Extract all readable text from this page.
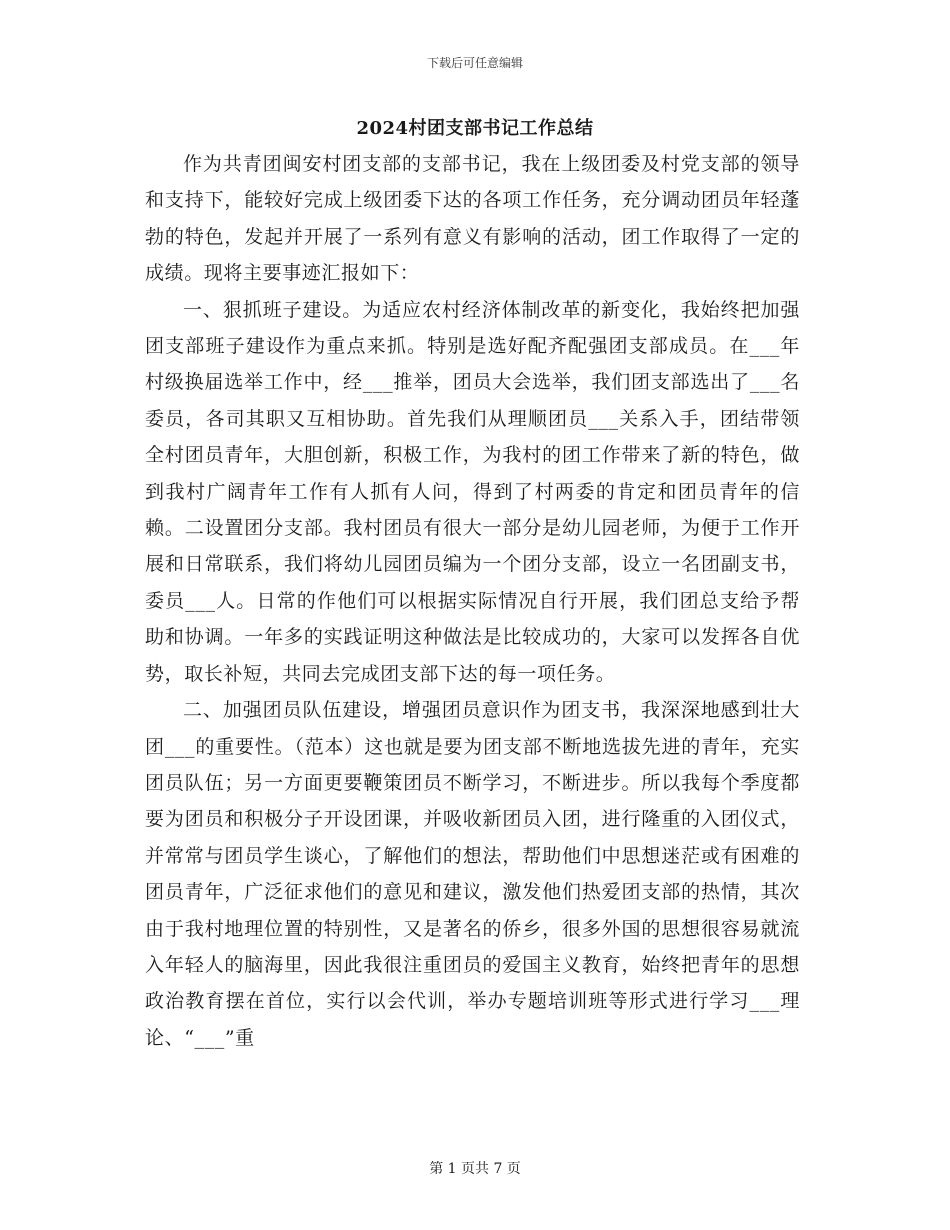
下载后可任意编辑
2024村团支部书记工作总结

作为共青团闽安村团支部的支部书记，我在上级团委及村党支部的领导和支持下，能较好完成上级团委下达的各项工作任务，充分调动团员年轻蓬勃的特色，发起并开展了一系列有意义有影响的活动，团工作取得了一定的成绩。现将主要事迹汇报如下：

一、狠抓班子建设。为适应农村经济体制改革的新变化，我始终把加强团支部班子建设作为重点来抓。特别是选好配齐配强团支部成员。在___年村级换届选举工作中，经___推举，团员大会选举，我们团支部选出了___名委员，各司其职又互相协助。首先我们从理顺团员___关系入手，团结带领全村团员青年，大胆创新，积极工作，为我村的团工作带来了新的特色，做到我村广阔青年工作有人抓有人问，得到了村两委的肯定和团员青年的信赖。二设置团分支部。我村团员有很大一部分是幼儿园老师，为便于工作开展和日常联系，我们将幼儿园团员编为一个团分支部，设立一名团副支书，委员___人。日常的作他们可以根据实际情况自行开展，我们团总支给予帮助和协调。一年多的实践证明这种做法是比较成功的，大家可以发挥各自优势，取长补短，共同去完成团支部下达的每一项任务。

二、加强团员队伍建设，增强团员意识作为团支书，我深深地感到壮大团___的重要性。（范本）这也就是要为团支部不断地选拔先进的青年，充实团员队伍；另一方面更要鞭策团员不断学习，不断进步。所以我每个季度都要为团员和积极分子开设团课，并吸收新团员入团，进行隆重的入团仪式，并常常与团员学生谈心，了解他们的想法，帮助他们中思想迷茫或有困难的团员青年，广泛征求他们的意见和建议，激发他们热爱团支部的热情，其次由于我村地理位置的特别性，又是著名的侨乡，很多外国的思想很容易就流入年轻人的脑海里，因此我很注重团员的爱国主义教育，始终把青年的思想政治教育摆在首位，实行以会代训，举办专题培训班等形式进行学习___理论、“___”重

第 1 页共 7 页
